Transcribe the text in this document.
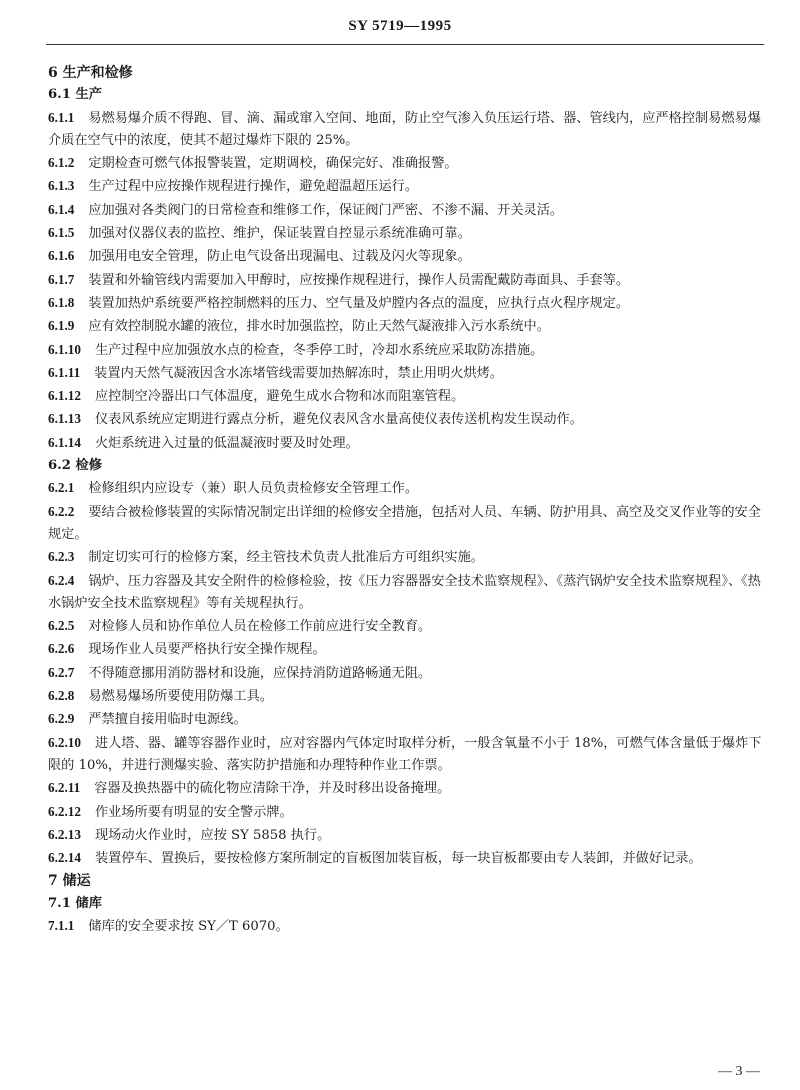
SY 5719—1995

6 生产和检修

6.1 生产

6.1.1 易燃易爆介质不得跑、冒、滴、漏或窜入空间、地面，防止空气渗入负压运行塔、器、管线内，应严格控制易燃易爆介质在空气中的浓度，使其不超过爆炸下限的 25%。

6.1.2 定期检查可燃气体报警装置，定期调校，确保完好、准确报警。

6.1.3 生产过程中应按操作规程进行操作，避免超温超压运行。

6.1.4 应加强对各类阀门的日常检查和维修工作，保证阀门严密、不渗不漏、开关灵活。

6.1.5 加强对仪器仪表的监控、维护，保证装置自控显示系统准确可靠。

6.1.6 加强用电安全管理，防止电气设备出现漏电、过载及闪火等现象。

6.1.7 装置和外输管线内需要加入甲醇时，应按操作规程进行，操作人员需配戴防毒面具、手套等。

6.1.8 装置加热炉系统要严格控制燃料的压力、空气量及炉膛内各点的温度，应执行点火程序规定。

6.1.9 应有效控制脱水罐的液位，排水时加强监控，防止天然气凝液排入污水系统中。

6.1.10 生产过程中应加强放水点的检查，冬季停工时，冷却水系统应采取防冻措施。

6.1.11 装置内天然气凝液因含水冻堵管线需要加热解冻时，禁止用明火烘烤。

6.1.12 应控制空冷器出口气体温度，避免生成水合物和冰而阻塞管程。

6.1.13 仪表风系统应定期进行露点分析，避免仪表风含水量高使仪表传送机构发生误动作。

6.1.14 火炬系统进入过量的低温凝液时要及时处理。

6.2 检修

6.2.1 检修组织内应设专（兼）职人员负责检修安全管理工作。

6.2.2 要结合被检修装置的实际情况制定出详细的检修安全措施，包括对人员、车辆、防护用具、高空及交叉作业等的安全规定。

6.2.3 制定切实可行的检修方案，经主管技术负责人批准后方可组织实施。

6.2.4 锅炉、压力容器及其安全附件的检修检验，按《压力容器器安全技术监察规程》、《蒸汽锅炉安全技术监察规程》、《热水锅炉安全技术监察规程》等有关规程执行。

6.2.5 对检修人员和协作单位人员在检修工作前应进行安全教育。

6.2.6 现场作业人员要严格执行安全操作规程。

6.2.7 不得随意挪用消防器材和设施，应保持消防道路畅通无阻。

6.2.8 易燃易爆场所要使用防爆工具。

6.2.9 严禁擅自接用临时电源线。

6.2.10 进人塔、器、罐等容器作业时，应对容器内气体定时取样分析，一般含氧量不小于 18%，可燃气体含量低于爆炸下限的 10%，并进行测爆实验、落实防护措施和办理特种作业工作票。

6.2.11 容器及换热器中的硫化物应清除干净，并及时移出设备掩埋。

6.2.12 作业场所要有明显的安全警示牌。

6.2.13 现场动火作业时，应按 SY 5858 执行。

6.2.14 装置停车、置换后，要按检修方案所制定的盲板图加装盲板，每一块盲板都要由专人装卸，并做好记录。

7 储运

7.1 储库

7.1.1 储库的安全要求按 SY／T 6070。

— 3 —
